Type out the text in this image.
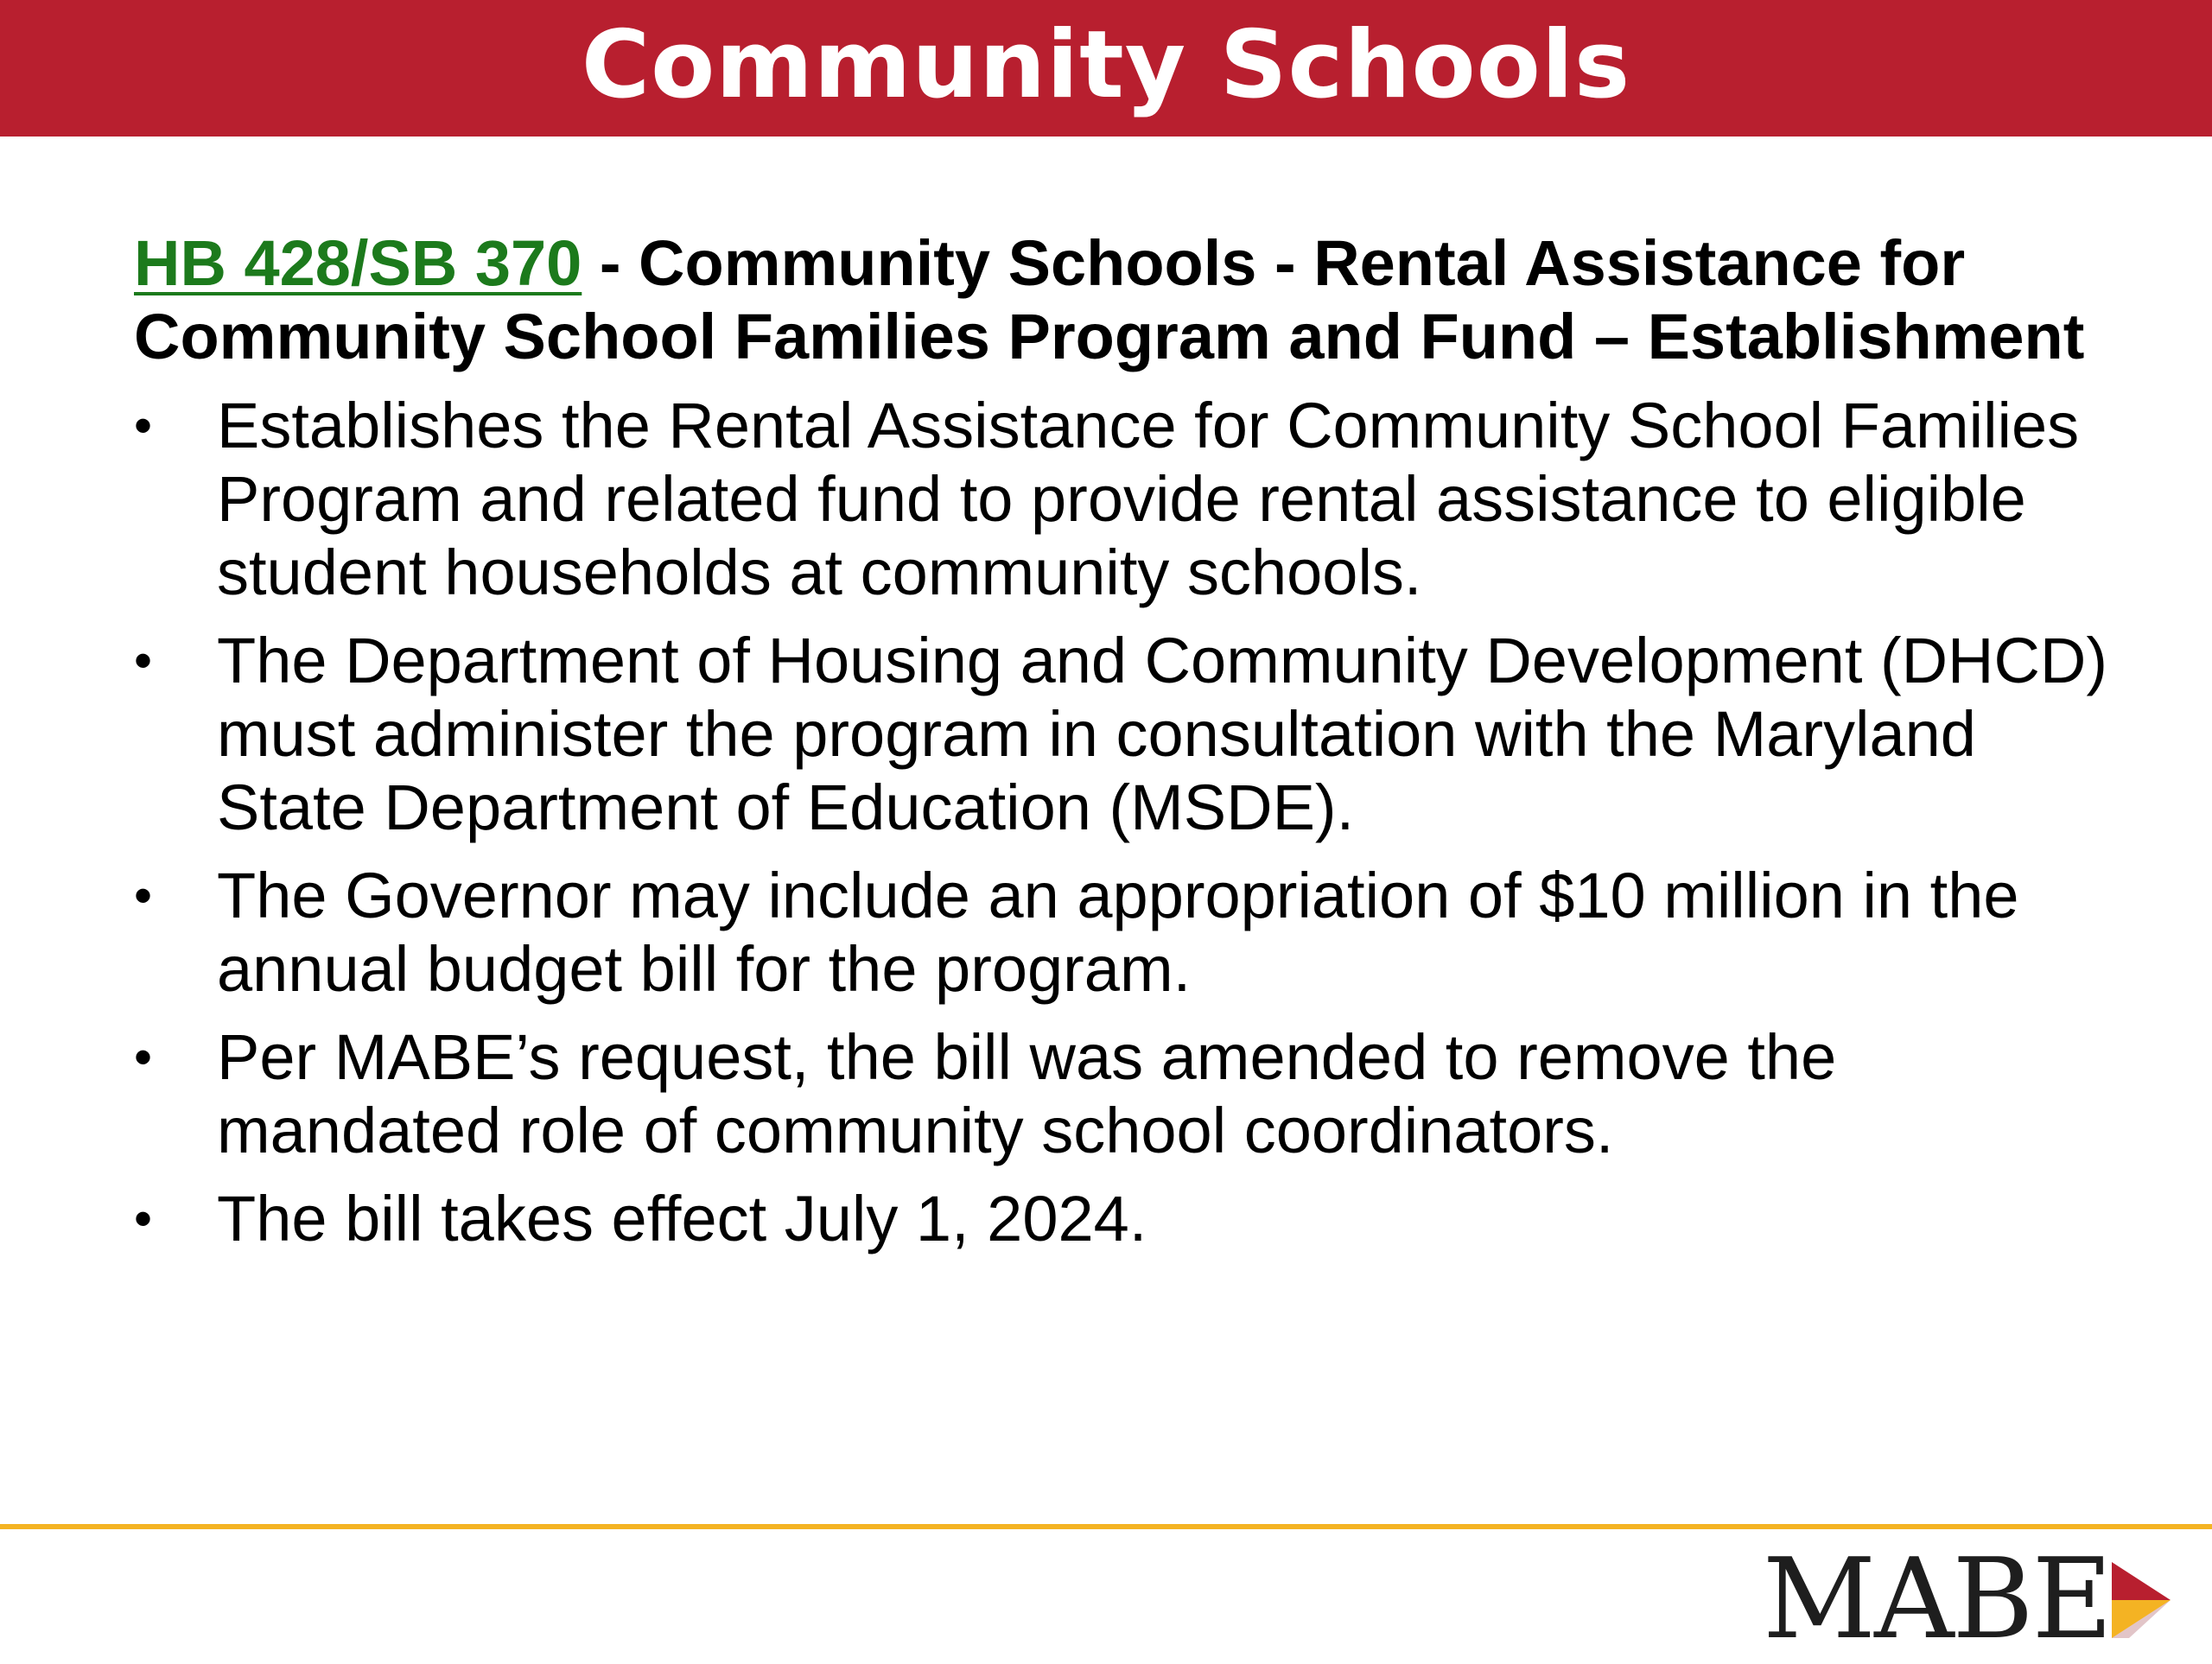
Community Schools

HB 428/SB 370 - Community Schools - Rental Assistance for Community School Families Program and Fund – Establishment

• Establishes the Rental Assistance for Community School Families Program and related fund to provide rental assistance to eligible student households at community schools.
• The Department of Housing and Community Development (DHCD) must administer the program in consultation with the Maryland State Department of Education (MSDE).
• The Governor may include an appropriation of $10 million in the annual budget bill for the program.
• Per MABE’s request, the bill was amended to remove the mandated role of community school coordinators.
• The bill takes effect July 1, 2024.
MABE
